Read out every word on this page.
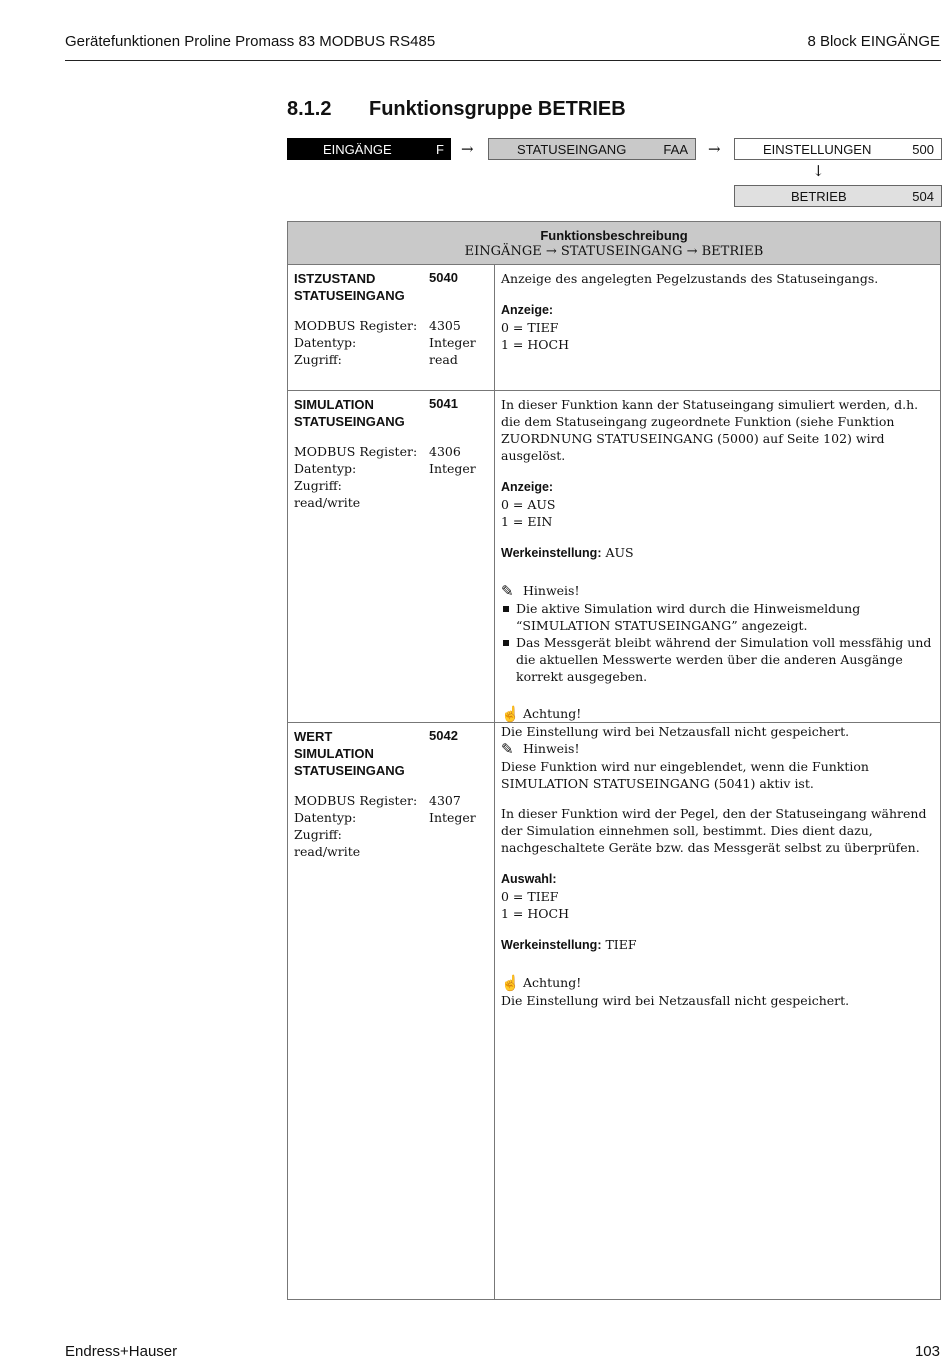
Gerätefunktionen Proline Promass 83 MODBUS RS485	8 Block EINGÄNGE
8.1.2 Funktionsgruppe BETRIEB
EINGÄNGE	F →	STATUSEINGANG	FAA →	EINSTELLUNGEN	500
↓
BETRIEB	504
Funktionsbeschreibung
EINGÄNGE → STATUSEINGANG → BETRIEB
ISTZUSTAND
STATUSEINGANG
5040
MODBUS Register: 4305
Datentyp:	Integer
Zugriff:	read

Anzeige des angelegten Pegelzustands des Statuseingangs.

Anzeige:

0 = TIEF

1 = HOCH

SIMULATION
STATUSEINGANG
5041
MODBUS Register: 4306
Datentyp:	Integer
Zugriff:read/write

In dieser Funktion kann der Statuseingang simuliert werden, d.h. die dem Statuseingang zugeordnete Funktion (siehe Funktion ZUORDNUNG STATUSEINGANG (5000) auf Seite 102) wird ausgelöst.

Anzeige:

0 = AUS

1 = EIN

Werkeinstellung: AUS

✎ Hinweis!

Die aktive Simulation wird durch die Hinweismeldung “SIMULATION STATUSEINGANG” angezeigt.
Das Messgerät bleibt während der Simulation voll messfähig und die aktuellen Messwerte werden über die anderen Ausgänge korrekt ausgegeben.

☝ Achtung!

Die Einstellung wird bei Netzausfall nicht gespeichert.

WERT
SIMULATION
STATUSEINGANG
5042
MODBUS Register: 4307
Datentyp:	Integer
Zugriff:read/write

✎ Hinweis!

Diese Funktion wird nur eingeblendet, wenn die Funktion SIMULATION STATUSEINGANG (5041) aktiv ist.

In dieser Funktion wird der Pegel, den der Statuseingang während der Simulation einnehmen soll, bestimmt. Dies dient dazu, nachgeschaltete Geräte bzw. das Messgerät selbst zu überprüfen.

Auswahl:

0 = TIEF

1 = HOCH

Werkeinstellung: TIEF

☝ Achtung!

Die Einstellung wird bei Netzausfall nicht gespeichert.

Endress+Hauser	103
